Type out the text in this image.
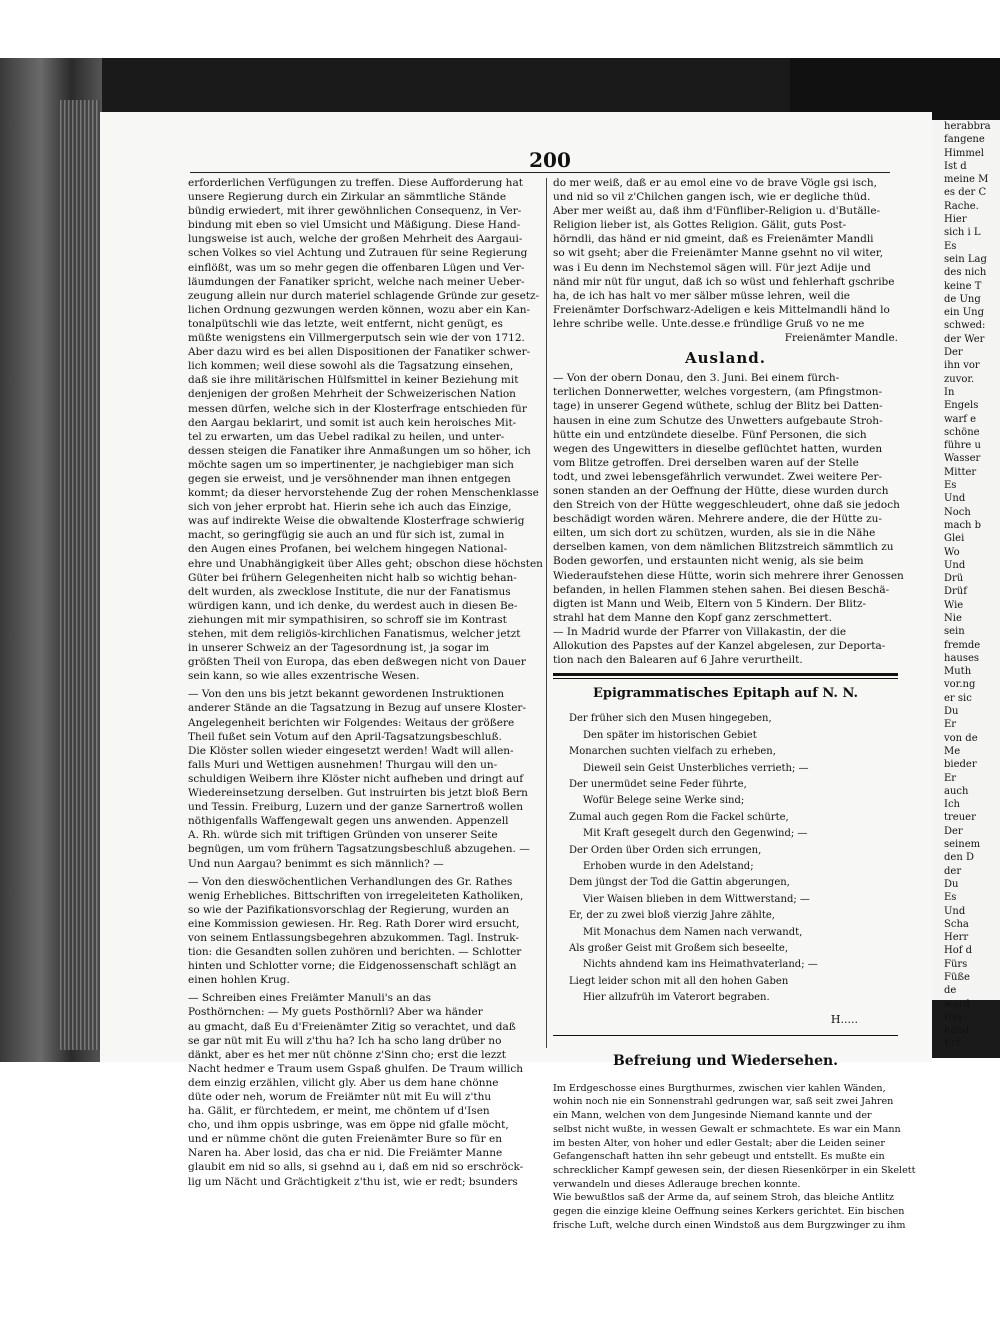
herabbra
fangene
Himmel
Ist d
meine M
es der C
Rache.
Hier
sich i L
Es
sein Lag
des nich
keine T
de Ung
ein Ung
schwed:
der Wer
Der
ihn vor
zuvor.
In
Engels
warf e
schöne
führe u
Wasser
Mitter
Es
Und
Noch
mach b
Glei
Wo
Und
Drü
Drüf
Wie
Nie
sein
fremde
hauses
Muth
vor.ng
er sic
Du
Er
von de
Me
bieder
Er
auch
Ich
treuer
Der
seinem
den D
der
Du
Es
Und
Scha
Herr
Hof d
Fürs
Füße
de
word
frei
hand
Erf
200
erforderlichen Verfügungen zu treffen. Diese Aufforderung hat
unsere Regierung durch ein Zirkular an sämmtliche Stände
bündig erwiedert, mit ihrer gewöhnlichen Consequenz, in Ver-
bindung mit eben so viel Umsicht und Mäßigung. Diese Hand-
lungsweise ist auch, welche der großen Mehrheit des Aargaui-
schen Volkes so viel Achtung und Zutrauen für seine Regierung
einflößt, was um so mehr gegen die offenbaren Lügen und Ver-
läumdungen der Fanatiker spricht, welche nach meiner Ueber-
zeugung allein nur durch materiel schlagende Gründe zur gesetz-
lichen Ordnung gezwungen werden können, wozu aber ein Kan-
tonalpütschli wie das letzte, weit entfernt, nicht genügt, es
müßte wenigstens ein Villmergerputsch sein wie der von 1712.
Aber dazu wird es bei allen Dispositionen der Fanatiker schwer-
lich kommen; weil diese sowohl als die Tagsatzung einsehen,
daß sie ihre militärischen Hülfsmittel in keiner Beziehung mit
denjenigen der großen Mehrheit der Schweizerischen Nation
messen dürfen, welche sich in der Klosterfrage entschieden für
den Aargau beklarirt, und somit ist auch kein heroisches Mit-
tel zu erwarten, um das Uebel radikal zu heilen, und unter-
dessen steigen die Fanatiker ihre Anmaßungen um so höher, ich
möchte sagen um so impertinenter, je nachgiebiger man sich
gegen sie erweist, und je versöhnender man ihnen entgegen
kommt; da dieser hervorstehende Zug der rohen Menschenklasse
sich von jeher erprobt hat. Hierin sehe ich auch das Einzige,
was auf indirekte Weise die obwaltende Klosterfrage schwierig
macht, so geringfügig sie auch an und für sich ist, zumal in
den Augen eines Profanen, bei welchem hingegen National-
ehre und Unabhängigkeit über Alles geht; obschon diese höchsten
Güter bei frühern Gelegenheiten nicht halb so wichtig behan-
delt wurden, als zwecklose Institute, die nur der Fanatismus
würdigen kann, und ich denke, du werdest auch in diesen Be-
ziehungen mit mir sympathisiren, so schroff sie im Kontrast
stehen, mit dem religiös-kirchlichen Fanatismus, welcher jetzt
in unserer Schweiz an der Tagesordnung ist, ja sogar im
größten Theil von Europa, das eben deßwegen nicht von Dauer
sein kann, so wie alles exzentrische Wesen.
— Von den uns bis jetzt bekannt gewordenen Instruktionen
anderer Stände an die Tagsatzung in Bezug auf unsere Kloster-
Angelegenheit berichten wir Folgendes: Weitaus der größere
Theil fußet sein Votum auf den April-Tagsatzungsbeschluß.
Die Klöster sollen wieder eingesetzt werden! Wadt will allen-
falls Muri und Wettigen ausnehmen! Thurgau will den un-
schuldigen Weibern ihre Klöster nicht aufheben und dringt auf
Wiedereinsetzung derselben. Gut instruirten bis jetzt bloß Bern
und Tessin. Freiburg, Luzern und der ganze Sarnertroß wollen
nöthigenfalls Waffengewalt gegen uns anwenden. Appenzell
A. Rh. würde sich mit triftigen Gründen von unserer Seite
begnügen, um vom frühern Tagsatzungsbeschluß abzugehen. —
Und nun Aargau? benimmt es sich männlich? —
— Von den dieswöchentlichen Verhandlungen des Gr. Rathes
wenig Erhebliches. Bittschriften von irregeleiteten Katholiken,
so wie der Pazifikationsvorschlag der Regierung, wurden an
eine Kommission gewiesen. Hr. Reg. Rath Dorer wird ersucht,
von seinem Entlassungsbegehren abzukommen. Tagl. Instruk-
tion: die Gesandten sollen zuhören und berichten. — Schlotter
hinten und Schlotter vorne; die Eidgenossenschaft schlägt an
einen hohlen Krug.
— Schreiben eines Freiämter Manuli's an das
Posthörnchen: — My guets Posthörnli? Aber wa händer
au gmacht, daß Eu d'Freienämter Zitig so verachtet, und daß
se gar nüt mit Eu will z'thu ha? Ich ha scho lang drüber no
dänkt, aber es het mer nüt chönne z'Sinn cho; erst die lezzt
Nacht hedmer e Traum usem Gspaß ghulfen. De Traum willich
dem einzig erzählen, vilicht gly. Aber us dem hane chönne
düte oder neh, worum de Freiämter nüt mit Eu will z'thu
ha. Gälit, er fürchtedem, er meint, me chöntem uf d'Isen
cho, und ihm oppis usbringe, was em öppe nid gfalle möcht,
und er nümme chönt die guten Freienämter Bure so für en
Naren ha. Aber losid, das cha er nid. Die Freiämter Manne
glaubit em nid so alls, si gsehnd au i, daß em nid so erschröck-
lig um Nächt und Grächtigkeit z'thu ist, wie er redt; bsunders
do mer weiß, daß er au emol eine vo de brave Vögle gsi isch,
und nid so vil z'Chilchen gangen isch, wie er degliche thüd.
Aber mer weißt au, daß ihm d'Fünfliber-Religion u. d'Butälle-
Religion lieber ist, als Gottes Religion. Gälit, guts Post-
hörndli, das händ er nid gmeint, daß es Freienämter Mandli
so wit gseht; aber die Freienämter Manne gsehnt no vil witer,
was i Eu denn im Nechstemol sägen will. Für jezt Adije und
nänd mir nüt für ungut, daß ich so wüst und fehlerhaft gschribe
ha, de ich has halt vo mer sälber müsse lehren, weil die
Freienämter Dorfschwarz-Adeligen e keis Mittelmandli händ lo
lehre schribe welle. Unte.desse.e fründlige Gruß vo ne me
Freienämter Mandle.
Ausland.
— Von der obern Donau, den 3. Juni. Bei einem fürch-
terlichen Donnerwetter, welches vorgestern, (am Pfingstmon-
tage) in unserer Gegend wüthete, schlug der Blitz bei Datten-
hausen in eine zum Schutze des Unwetters aufgebaute Stroh-
hütte ein und entzündete dieselbe. Fünf Personen, die sich
wegen des Ungewitters in dieselbe geflüchtet hatten, wurden
vom Blitze getroffen. Drei derselben waren auf der Stelle
todt, und zwei lebensgefährlich verwundet. Zwei weitere Per-
sonen standen an der Oeffnung der Hütte, diese wurden durch
den Streich von der Hütte weggeschleudert, ohne daß sie jedoch
beschädigt worden wären. Mehrere andere, die der Hütte zu-
eilten, um sich dort zu schützen, wurden, als sie in die Nähe
derselben kamen, von dem nämlichen Blitzstreich sämmtlich zu
Boden geworfen, und erstaunten nicht wenig, als sie beim
Wiederaufstehen diese Hütte, worin sich mehrere ihrer Genossen
befanden, in hellen Flammen stehen sahen. Bei diesen Beschä-
digten ist Mann und Weib, Eltern von 5 Kindern. Der Blitz-
strahl hat dem Manne den Kopf ganz zerschmettert.
— In Madrid wurde der Pfarrer von Villakastin, der die
Allokution des Papstes auf der Kanzel abgelesen, zur Deporta-
tion nach den Balearen auf 6 Jahre verurtheilt.
Epigrammatisches Epitaph auf N. N.
Der früher sich den Musen hingegeben,
Den später im historischen Gebiet
Monarchen suchten vielfach zu erheben,
Dieweil sein Geist Unsterbliches verrieth; —
Der unermüdet seine Feder führte,
Wofür Belege seine Werke sind;
Zumal auch gegen Rom die Fackel schürte,
Mit Kraft gesegelt durch den Gegenwind; —
Der Orden über Orden sich errungen,
Erhoben wurde in den Adelstand;
Dem jüngst der Tod die Gattin abgerungen,
Vier Waisen blieben in dem Wittwerstand; —
Er, der zu zwei bloß vierzig Jahre zählte,
Mit Monachus dem Namen nach verwandt,
Als großer Geist mit Großem sich beseelte,
Nichts ahndend kam ins Heimathvaterland; —
Liegt leider schon mit all den hohen Gaben
Hier allzufrüh im Vaterort begraben.
H.....
Befreiung und Wiedersehen.
Im Erdgeschosse eines Burgthurmes, zwischen vier kahlen Wänden,
wohin noch nie ein Sonnenstrahl gedrungen war, saß seit zwei Jahren
ein Mann, welchen von dem Jungesinde Niemand kannte und der
selbst nicht wußte, in wessen Gewalt er schmachtete. Es war ein Mann
im besten Alter, von hoher und edler Gestalt; aber die Leiden seiner
Gefangenschaft hatten ihn sehr gebeugt und entstellt. Es mußte ein
schrecklicher Kampf gewesen sein, der diesen Riesenkörper in ein Skelett
verwandeln und dieses Adlerauge brechen konnte.
Wie bewußtlos saß der Arme da, auf seinem Stroh, das bleiche Antlitz
gegen die einzige kleine Oeffnung seines Kerkers gerichtet. Ein bischen
frische Luft, welche durch einen Windstoß aus dem Burgzwinger zu ihm
